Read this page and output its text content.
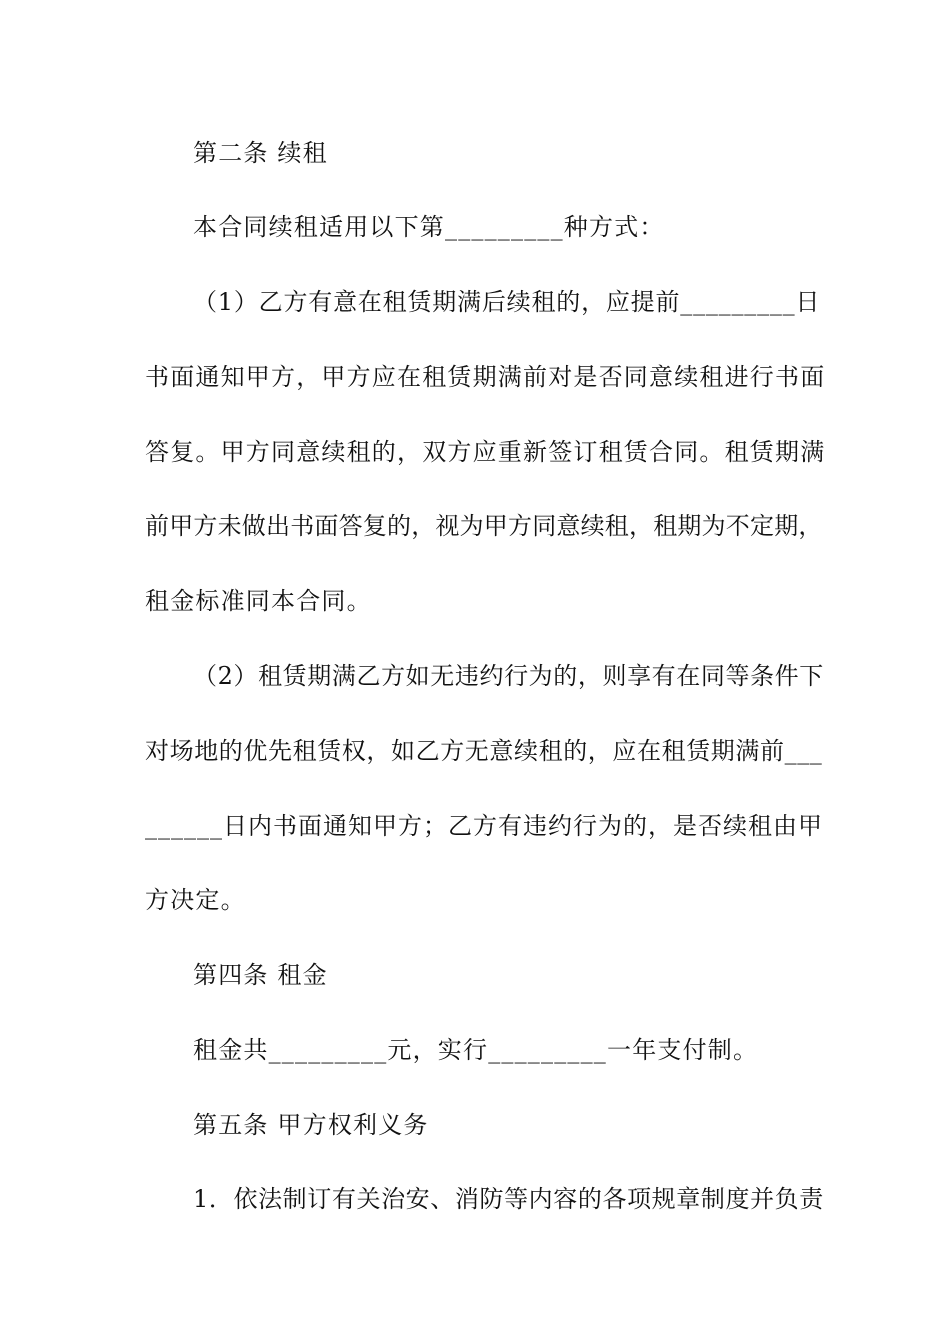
第二条 续租
本合同续租适用以下第_________种方式：
（1）乙方有意在租赁期满后续租的，应提前_________日
书面通知甲方，甲方应在租赁期满前对是否同意续租进行书面
答复。甲方同意续租的，双方应重新签订租赁合同。租赁期满
前甲方未做出书面答复的，视为甲方同意续租，租期为不定期，
租金标准同本合同。
（2）租赁期满乙方如无违约行为的，则享有在同等条件下
对场地的优先租赁权，如乙方无意续租的，应在租赁期满前___
______日内书面通知甲方；乙方有违约行为的，是否续租由甲
方决定。
第四条 租金
租金共_________元，实行_________一年支付制。
第五条 甲方权利义务
1．依法制订有关治安、消防等内容的各项规章制度并负责
